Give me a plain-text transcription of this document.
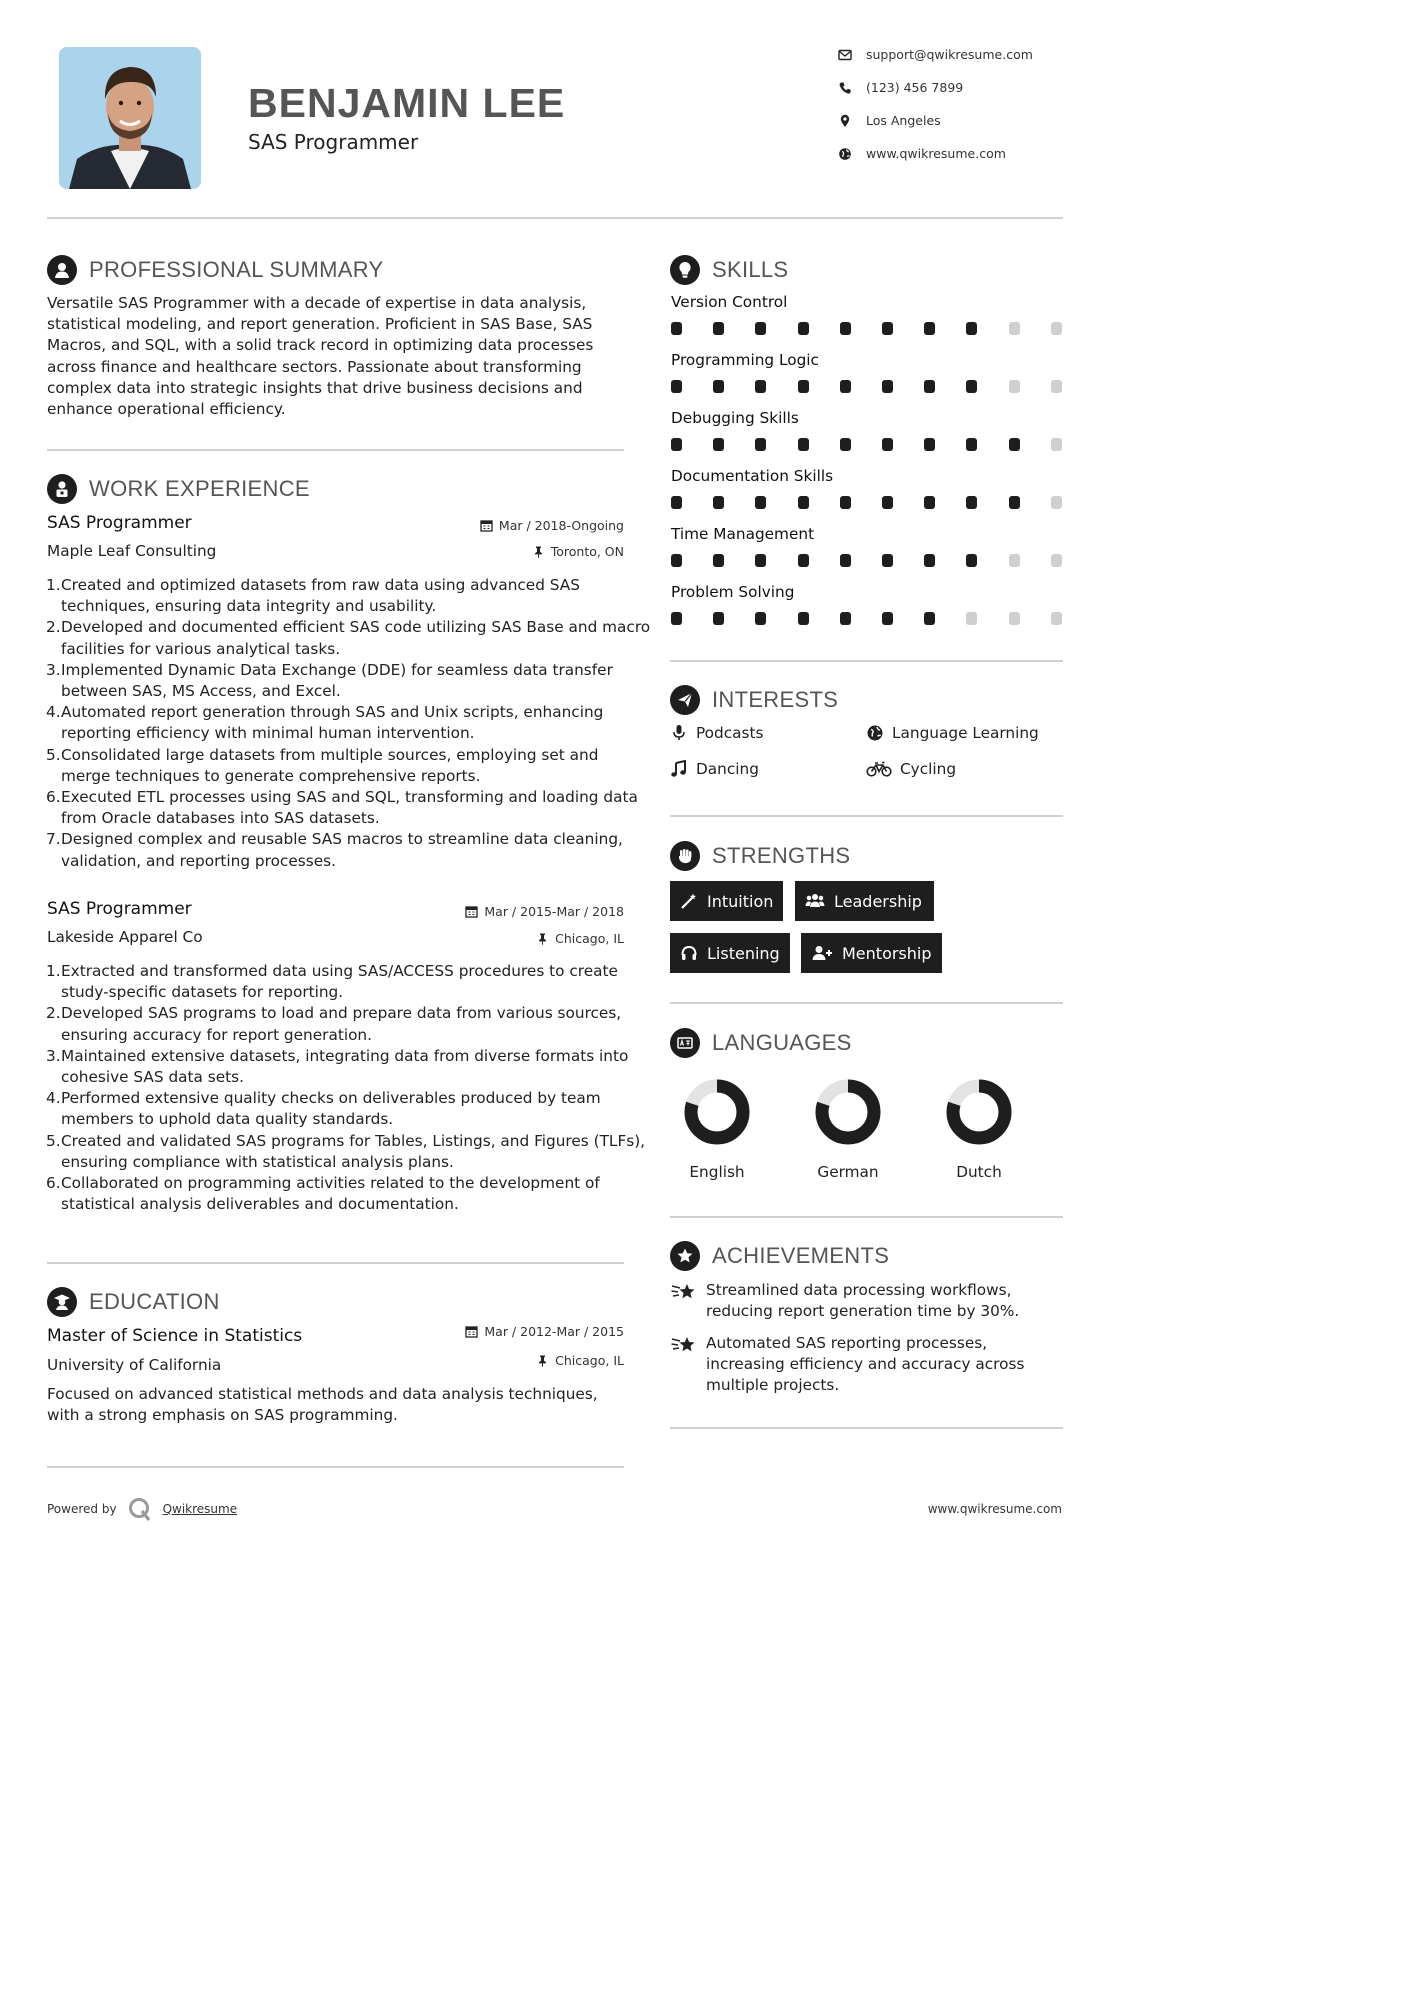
BENJAMIN LEE
SAS Programmer
support@qwikresume.com
(123) 456 7899
Los Angeles
www.qwikresume.com
PROFESSIONAL SUMMARY
Versatile SAS Programmer with a decade of expertise in data analysis, statistical modeling, and report generation. Proficient in SAS Base, SAS Macros, and SQL, with a solid track record in optimizing data processes across finance and healthcare sectors. Passionate about transforming complex data into strategic insights that drive business decisions and enhance operational efficiency.
WORK EXPERIENCE
SAS Programmer	Mar / 2018-Ongoing
Maple Leaf Consulting	Toronto, ON
1. Created and optimized datasets from raw data using advanced SAS techniques, ensuring data integrity and usability.
2. Developed and documented efficient SAS code utilizing SAS Base and macro facilities for various analytical tasks.
3. Implemented Dynamic Data Exchange (DDE) for seamless data transfer between SAS, MS Access, and Excel.
4. Automated report generation through SAS and Unix scripts, enhancing reporting efficiency with minimal human intervention.
5. Consolidated large datasets from multiple sources, employing set and merge techniques to generate comprehensive reports.
6. Executed ETL processes using SAS and SQL, transforming and loading data from Oracle databases into SAS datasets.
7. Designed complex and reusable SAS macros to streamline data cleaning, validation, and reporting processes.
SAS Programmer	Mar / 2015-Mar / 2018
Lakeside Apparel Co	Chicago, IL
1. Extracted and transformed data using SAS/ACCESS procedures to create study-specific datasets for reporting.
2. Developed SAS programs to load and prepare data from various sources, ensuring accuracy for report generation.
3. Maintained extensive datasets, integrating data from diverse formats into cohesive SAS data sets.
4. Performed extensive quality checks on deliverables produced by team members to uphold data quality standards.
5. Created and validated SAS programs for Tables, Listings, and Figures (TLFs), ensuring compliance with statistical analysis plans.
6. Collaborated on programming activities related to the development of statistical analysis deliverables and documentation.
EDUCATION
Master of Science in Statistics	Mar / 2012-Mar / 2015
University of California	Chicago, IL
Focused on advanced statistical methods and data analysis techniques, with a strong emphasis on SAS programming.
SKILLS
Version Control
Programming Logic
Debugging Skills
Documentation Skills
Time Management
Problem Solving
INTERESTS
Podcasts	Language Learning
Dancing	Cycling
STRENGTHS
Intuition	Leadership
Listening	Mentorship
LANGUAGES
English	German	Dutch
ACHIEVEMENTS
Streamlined data processing workflows, reducing report generation time by 30%.
Automated SAS reporting processes, increasing efficiency and accuracy across multiple projects.
Powered by	Qwikresume	www.qwikresume.com
